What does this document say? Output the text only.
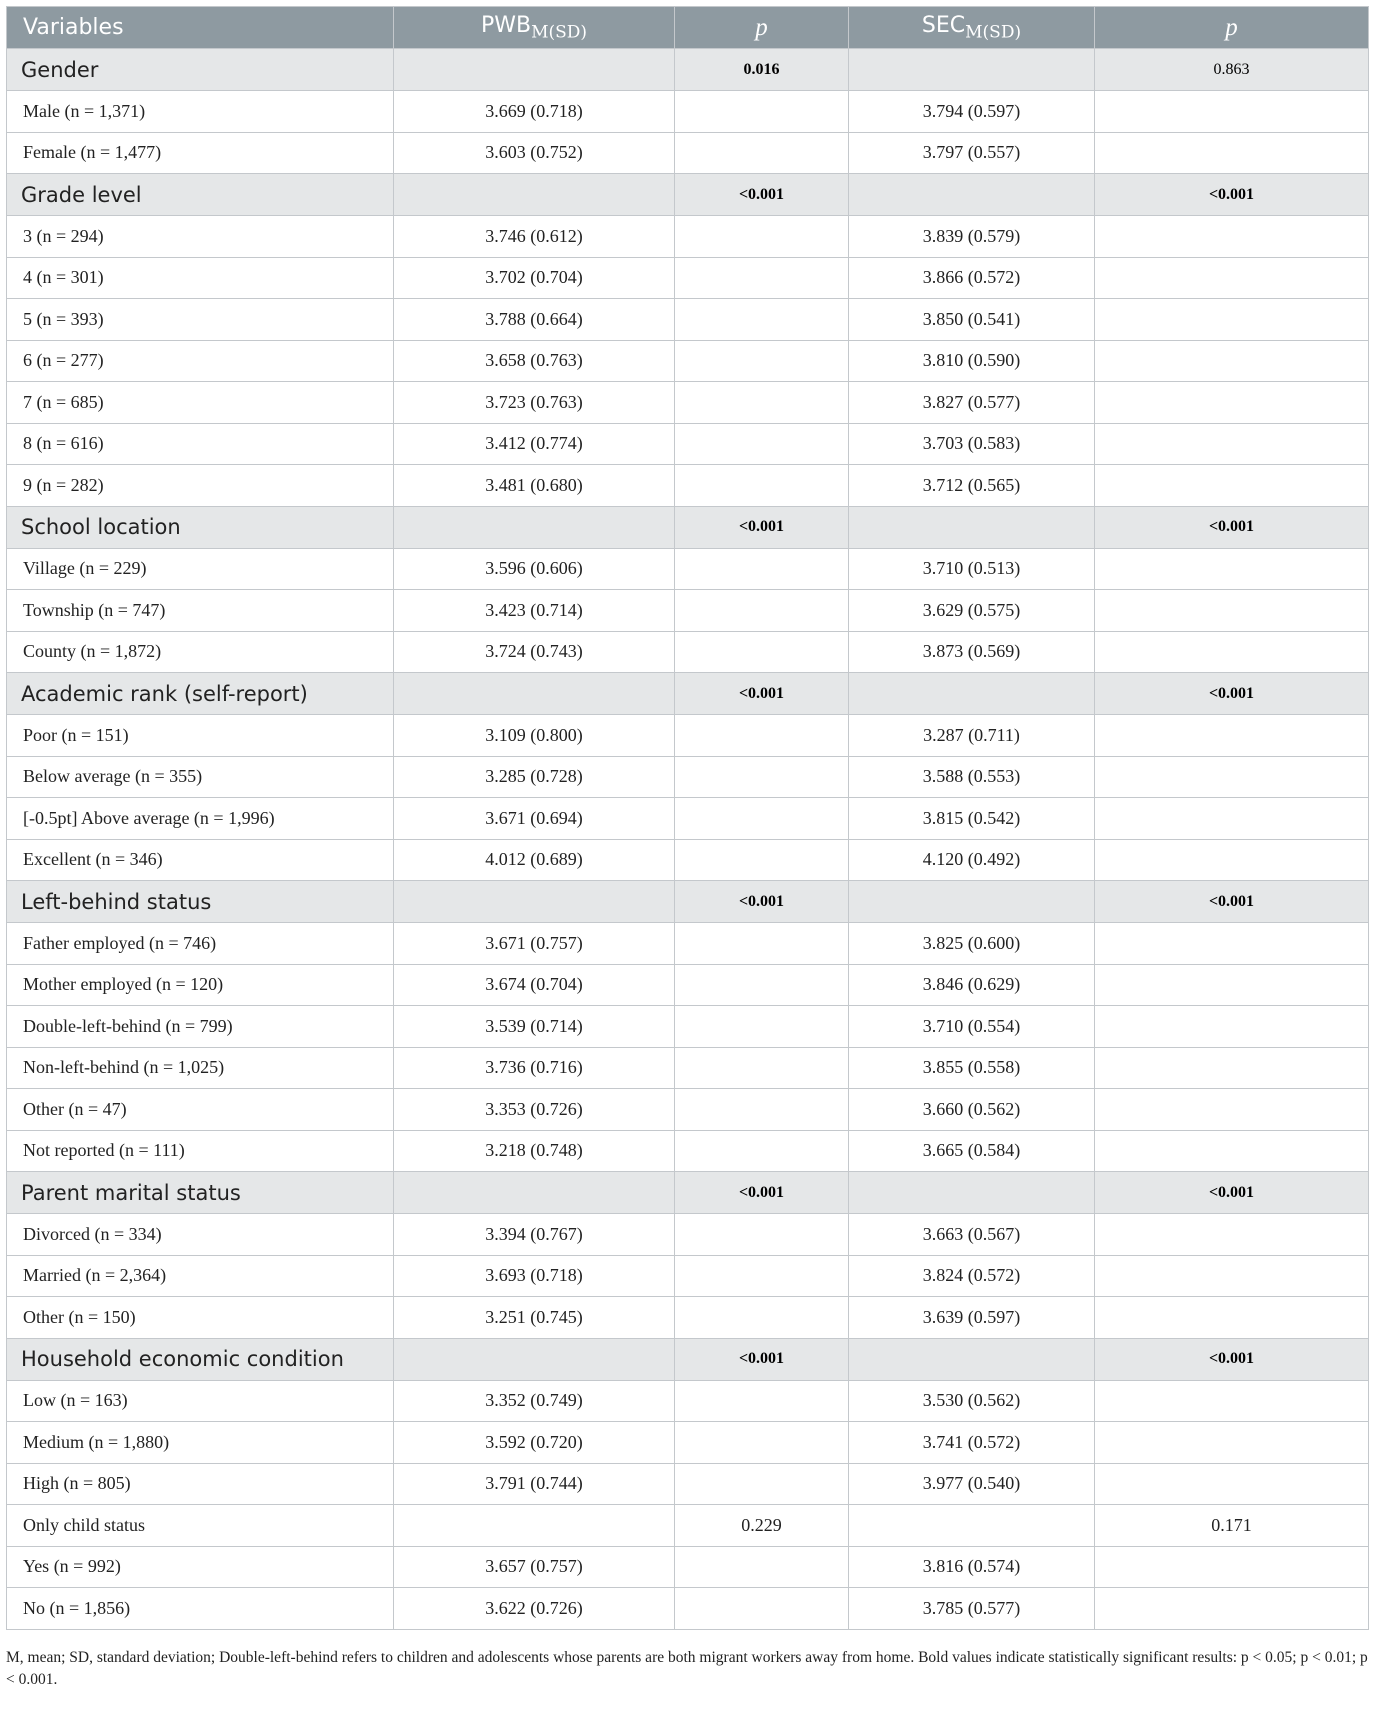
Variables	$PWB_{M(SD)}$	p	$SEC_{M(SD)}$	p
Gender		0.016		0.863
Male (n = 1,371)	3.669 (0.718)		3.794 (0.597)	
Female (n = 1,477)	3.603 (0.752)		3.797 (0.557)	
Grade level		<0.001		<0.001
3 (n = 294)	3.746 (0.612)		3.839 (0.579)	
4 (n = 301)	3.702 (0.704)		3.866 (0.572)	
5 (n = 393)	3.788 (0.664)		3.850 (0.541)	
6 (n = 277)	3.658 (0.763)		3.810 (0.590)	
7 (n = 685)	3.723 (0.763)		3.827 (0.577)	
8 (n = 616)	3.412 (0.774)		3.703 (0.583)	
9 (n = 282)	3.481 (0.680)		3.712 (0.565)	
School location		<0.001		<0.001
Village (n = 229)	3.596 (0.606)		3.710 (0.513)	
Township (n = 747)	3.423 (0.714)		3.629 (0.575)	
County (n = 1,872)	3.724 (0.743)		3.873 (0.569)	
Academic rank (self-report)		<0.001		<0.001
Poor (n = 151)	3.109 (0.800)		3.287 (0.711)	
Below average (n = 355)	3.285 (0.728)		3.588 (0.553)	
[-0.5pt] Above average (n = 1,996)	3.671 (0.694)		3.815 (0.542)	
Excellent (n = 346)	4.012 (0.689)		4.120 (0.492)	
Left-behind status		<0.001		<0.001
Father employed (n = 746)	3.671 (0.757)		3.825 (0.600)	
Mother employed (n = 120)	3.674 (0.704)		3.846 (0.629)	
Double-left-behind (n = 799)	3.539 (0.714)		3.710 (0.554)	
Non-left-behind (n = 1,025)	3.736 (0.716)		3.855 (0.558)	
Other (n = 47)	3.353 (0.726)		3.660 (0.562)	
Not reported (n = 111)	3.218 (0.748)		3.665 (0.584)	
Parent marital status		<0.001		<0.001
Divorced (n = 334)	3.394 (0.767)		3.663 (0.567)	
Married (n = 2,364)	3.693 (0.718)		3.824 (0.572)	
Other (n = 150)	3.251 (0.745)		3.639 (0.597)	
Household economic condition		<0.001		<0.001
Low (n = 163)	3.352 (0.749)		3.530 (0.562)	
Medium (n = 1,880)	3.592 (0.720)		3.741 (0.572)	
High (n = 805)	3.791 (0.744)		3.977 (0.540)	
Only child status		0.229		0.171
Yes (n = 992)	3.657 (0.757)		3.816 (0.574)	
No (n = 1,856)	3.622 (0.726)		3.785 (0.577)	
M, mean; SD, standard deviation; Double-left-behind refers to children and adolescents whose parents are both migrant workers away from home. Bold values indicate statistically significant results: p < 0.05; p < 0.01; p < 0.001.
